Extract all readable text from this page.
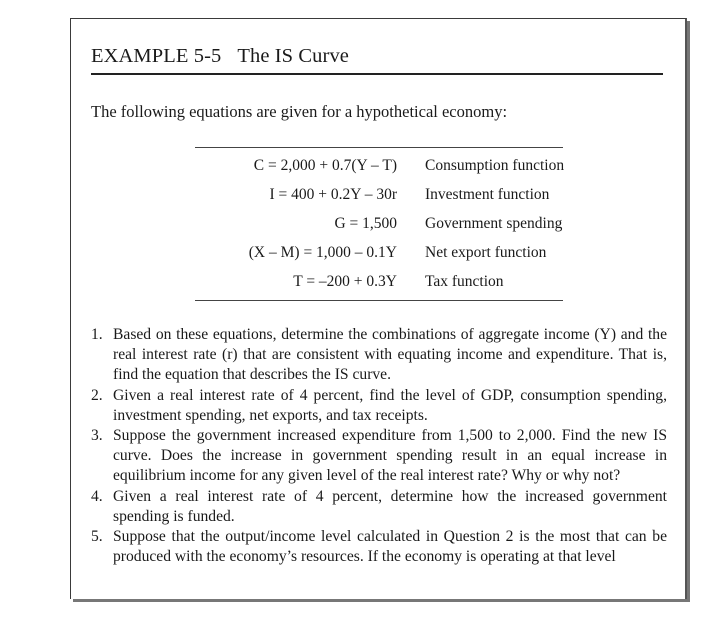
EXAMPLE 5-5 The IS Curve
The following equations are given for a hypothetical economy:
C = 2,000 + 0.7(Y – T) Consumption function
I = 400 + 0.2Y – 30r Investment function
G = 1,500 Government spending
(X – M) = 1,000 – 0.1Y Net export function
T = –200 + 0.3Y Tax function
1. Based on these equations, determine the combinations of aggregate income (Y) and the real interest rate (r) that are consistent with equating income and expenditure. That is, find the equation that describes the IS curve.
2. Given a real interest rate of 4 percent, find the level of GDP, consumption spending, investment spending, net exports, and tax receipts.
3. Suppose the government increased expenditure from 1,500 to 2,000. Find the new IS curve. Does the increase in government spending result in an equal increase in equilibrium income for any given level of the real interest rate? Why or why not?
4. Given a real interest rate of 4 percent, determine how the increased government spending is funded.
5. Suppose that the output/income level calculated in Question 2 is the most that can be produced with the economy’s resources. If the economy is operating at that level
